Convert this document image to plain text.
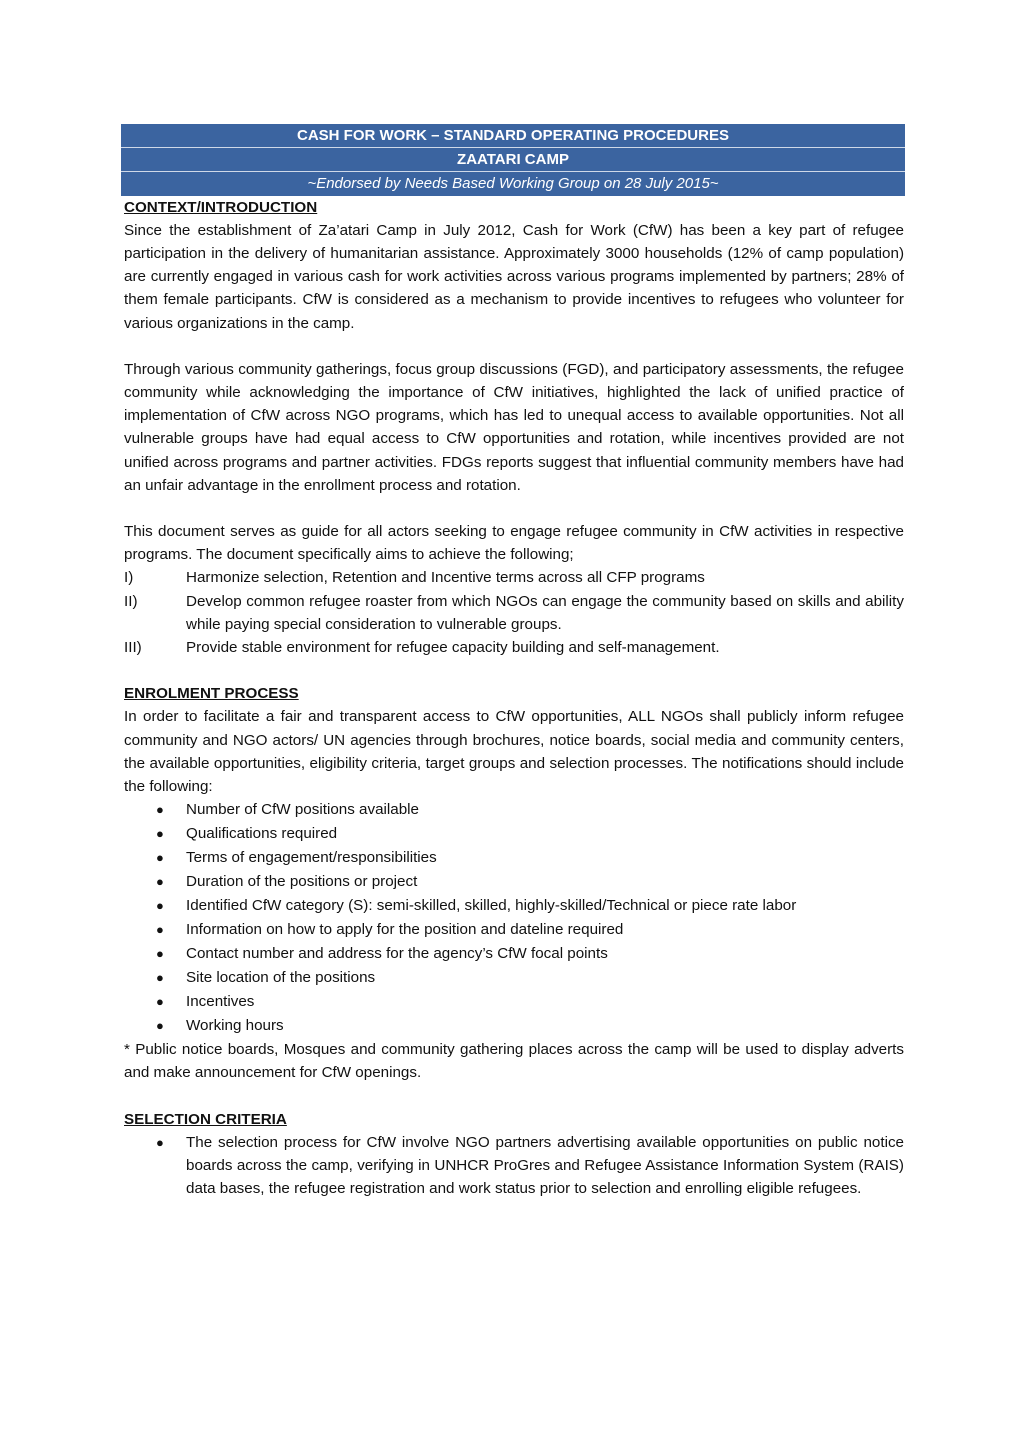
CASH FOR WORK – STANDARD OPERATING PROCEDURES
ZAATARI CAMP
~Endorsed by Needs Based Working Group on 28 July 2015~
CONTEXT/INTRODUCTION

Since the establishment of Za’atari Camp in July 2012, Cash for Work (CfW) has been a key part of refugee participation in the delivery of humanitarian assistance. Approximately 3000 households (12% of camp population) are currently engaged in various cash for work activities across various programs implemented by partners; 28% of them female participants. CfW is considered as a mechanism to provide incentives to refugees who volunteer for various organizations in the camp.

Through various community gatherings, focus group discussions (FGD), and participatory assessments, the refugee community while acknowledging the importance of CfW initiatives, highlighted the lack of unified practice of implementation of CfW across NGO programs, which has led to unequal access to available opportunities. Not all vulnerable groups have had equal access to CfW opportunities and rotation, while incentives provided are not unified across programs and partner activities. FDGs reports suggest that influential community members have had an unfair advantage in the enrollment process and rotation.

This document serves as guide for all actors seeking to engage refugee community in CfW activities in respective programs. The document specifically aims to achieve the following;

I)	Harmonize selection, Retention and Incentive terms across all CFP programs
II)	Develop common refugee roaster from which NGOs can engage the community based on skills and ability while paying special consideration to vulnerable groups.
III)	Provide stable environment for refugee capacity building and self-management.
ENROLMENT PROCESS

In order to facilitate a fair and transparent access to CfW opportunities, ALL NGOs shall publicly inform refugee community and NGO actors/ UN agencies through brochures, notice boards, social media and community centers, the available opportunities, eligibility criteria, target groups and selection processes. The notifications should include the following:

● Number of CfW positions available
● Qualifications required
● Terms of engagement/responsibilities
● Duration of the positions or project
● Identified CfW category (S): semi-skilled, skilled, highly-skilled/Technical or piece rate labor
● Information on how to apply for the position and dateline required
● Contact number and address for the agency’s CfW focal points
● Site location of the positions
● Incentives
● Working hours

* Public notice boards, Mosques and community gathering places across the camp will be used to display adverts and make announcement for CfW openings.

SELECTION CRITERIA
● The selection process for CfW involve NGO partners advertising available opportunities on public notice boards across the camp, verifying in UNHCR ProGres and Refugee Assistance Information System (RAIS) data bases, the refugee registration and work status prior to selection and enrolling eligible refugees.
